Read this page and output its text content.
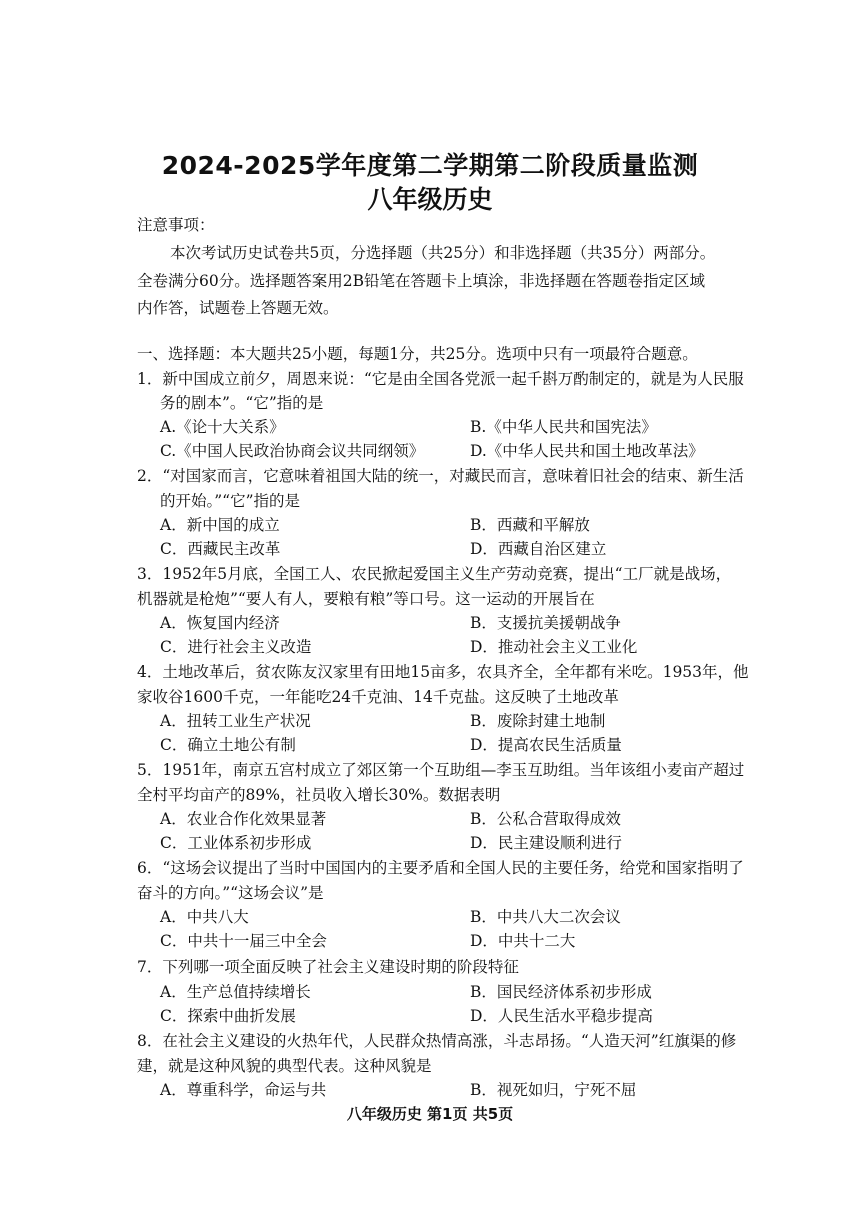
2024-2025学年度第二学期第二阶段质量监测
八年级历史
注意事项：
本次考试历史试卷共5页，分选择题（共25分）和非选择题（共35分）两部分。
全卷满分60分。选择题答案用2B铅笔在答题卡上填涂，非选择题在答题卷指定区域
内作答，试题卷上答题无效。
一、选择题：本大题共25小题，每题1分，共25分。选项中只有一项最符合题意。
1．新中国成立前夕，周恩来说：“它是由全国各党派一起千斟万酌制定的，就是为人民服
务的剧本”。“它”指的是
A.《论十大关系》	B.《中华人民共和国宪法》
C.《中国人民政治协商会议共同纲领》	D.《中华人民共和国土地改革法》
2．“对国家而言，它意味着祖国大陆的统一，对藏民而言，意味着旧社会的结束、新生活
的开始。”“它”指的是
A．新中国的成立	B．西藏和平解放
C．西藏民主改革	D．西藏自治区建立
3．1952年5月底，全国工人、农民掀起爱国主义生产劳动竞赛，提出“工厂就是战场，
机器就是枪炮”“要人有人，要粮有粮”等口号。这一运动的开展旨在
A．恢复国内经济	B．支援抗美援朝战争
C．进行社会主义改造	D．推动社会主义工业化
4．土地改革后，贫农陈友汉家里有田地15亩多，农具齐全，全年都有米吃。1953年，他
家收谷1600千克，一年能吃24千克油、14千克盐。这反映了土地改革
A．扭转工业生产状况	B．废除封建土地制
C．确立土地公有制	D．提高农民生活质量
5．1951年，南京五宫村成立了郊区第一个互助组—李玉互助组。当年该组小麦亩产超过
全村平均亩产的89%，社员收入增长30%。数据表明
A．农业合作化效果显著	B．公私合营取得成效
C．工业体系初步形成	D．民主建设顺利进行
6．“这场会议提出了当时中国国内的主要矛盾和全国人民的主要任务，给党和国家指明了
奋斗的方向。”“这场会议”是
A．中共八大	B．中共八大二次会议
C．中共十一届三中全会	D．中共十二大
7．下列哪一项全面反映了社会主义建设时期的阶段特征
A．生产总值持续增长	B．国民经济体系初步形成
C．探索中曲折发展	D．人民生活水平稳步提高
8．在社会主义建设的火热年代，人民群众热情高涨，斗志昂扬。“人造天河”红旗渠的修
建，就是这种风貌的典型代表。这种风貌是
A．尊重科学，命运与共	B．视死如归，宁死不屈
八年级历史 第1页 共5页
